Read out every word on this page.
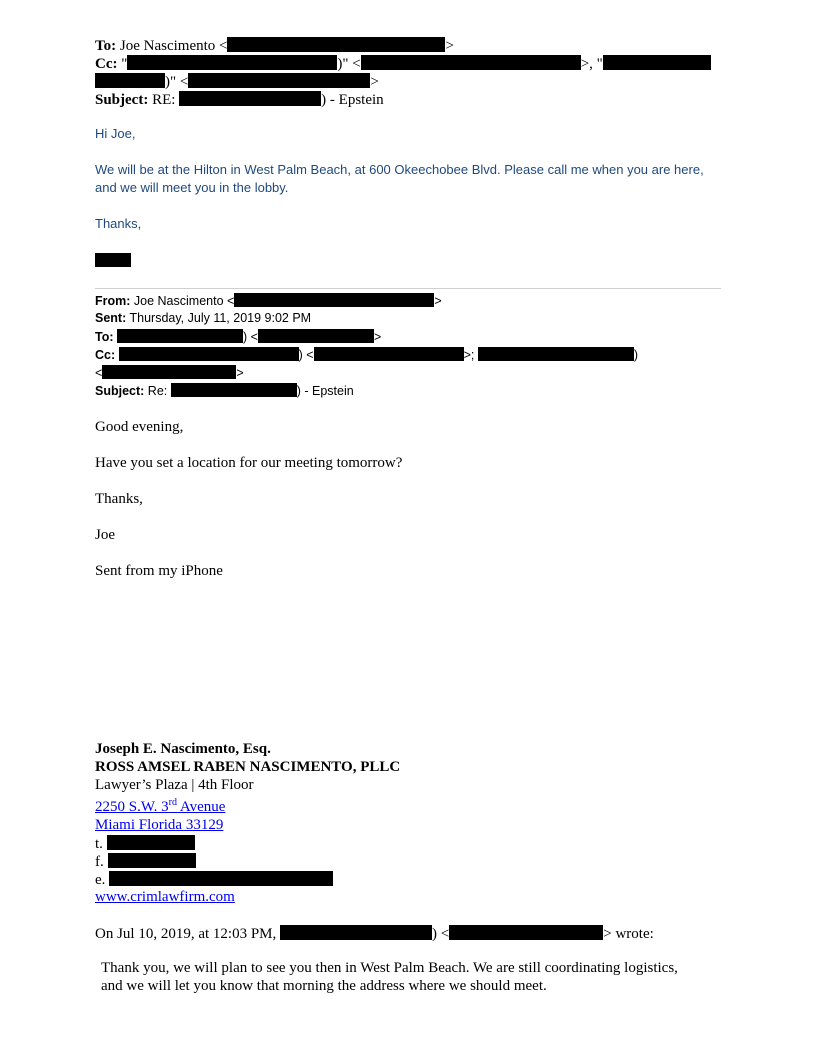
To: Joe Nascimento <	>
Cc: "	)" <	>, "
)" <	>
Subject: RE:	) - Epstein
Hi Joe,
We will be at the Hilton in West Palm Beach, at 600 Okeechobee Blvd. Please call me when you are here,
and we will meet you in the lobby.
Thanks,
From: Joe Nascimento <	>
Sent: Thursday, July 11, 2019 9:02 PM
To:	) <	>
Cc:	) <	>;	)
<	>
Subject: Re:	) - Epstein
Good evening,
Have you set a location for our meeting tomorrow?
Thanks,
Joe
Sent from my iPhone
Joseph E. Nascimento, Esq.
ROSS AMSEL RABEN NASCIMENTO, PLLC
Lawyer’s Plaza | 4th Floor
2250 S.W. 3rd Avenue
Miami Florida 33129
t.
f.
e.
www.crimlawfirm.com
On Jul 10, 2019, at 12:03 PM,	) <	> wrote:
Thank you, we will plan to see you then in West Palm Beach. We are still coordinating logistics,
and we will let you know that morning the address where we should meet.
